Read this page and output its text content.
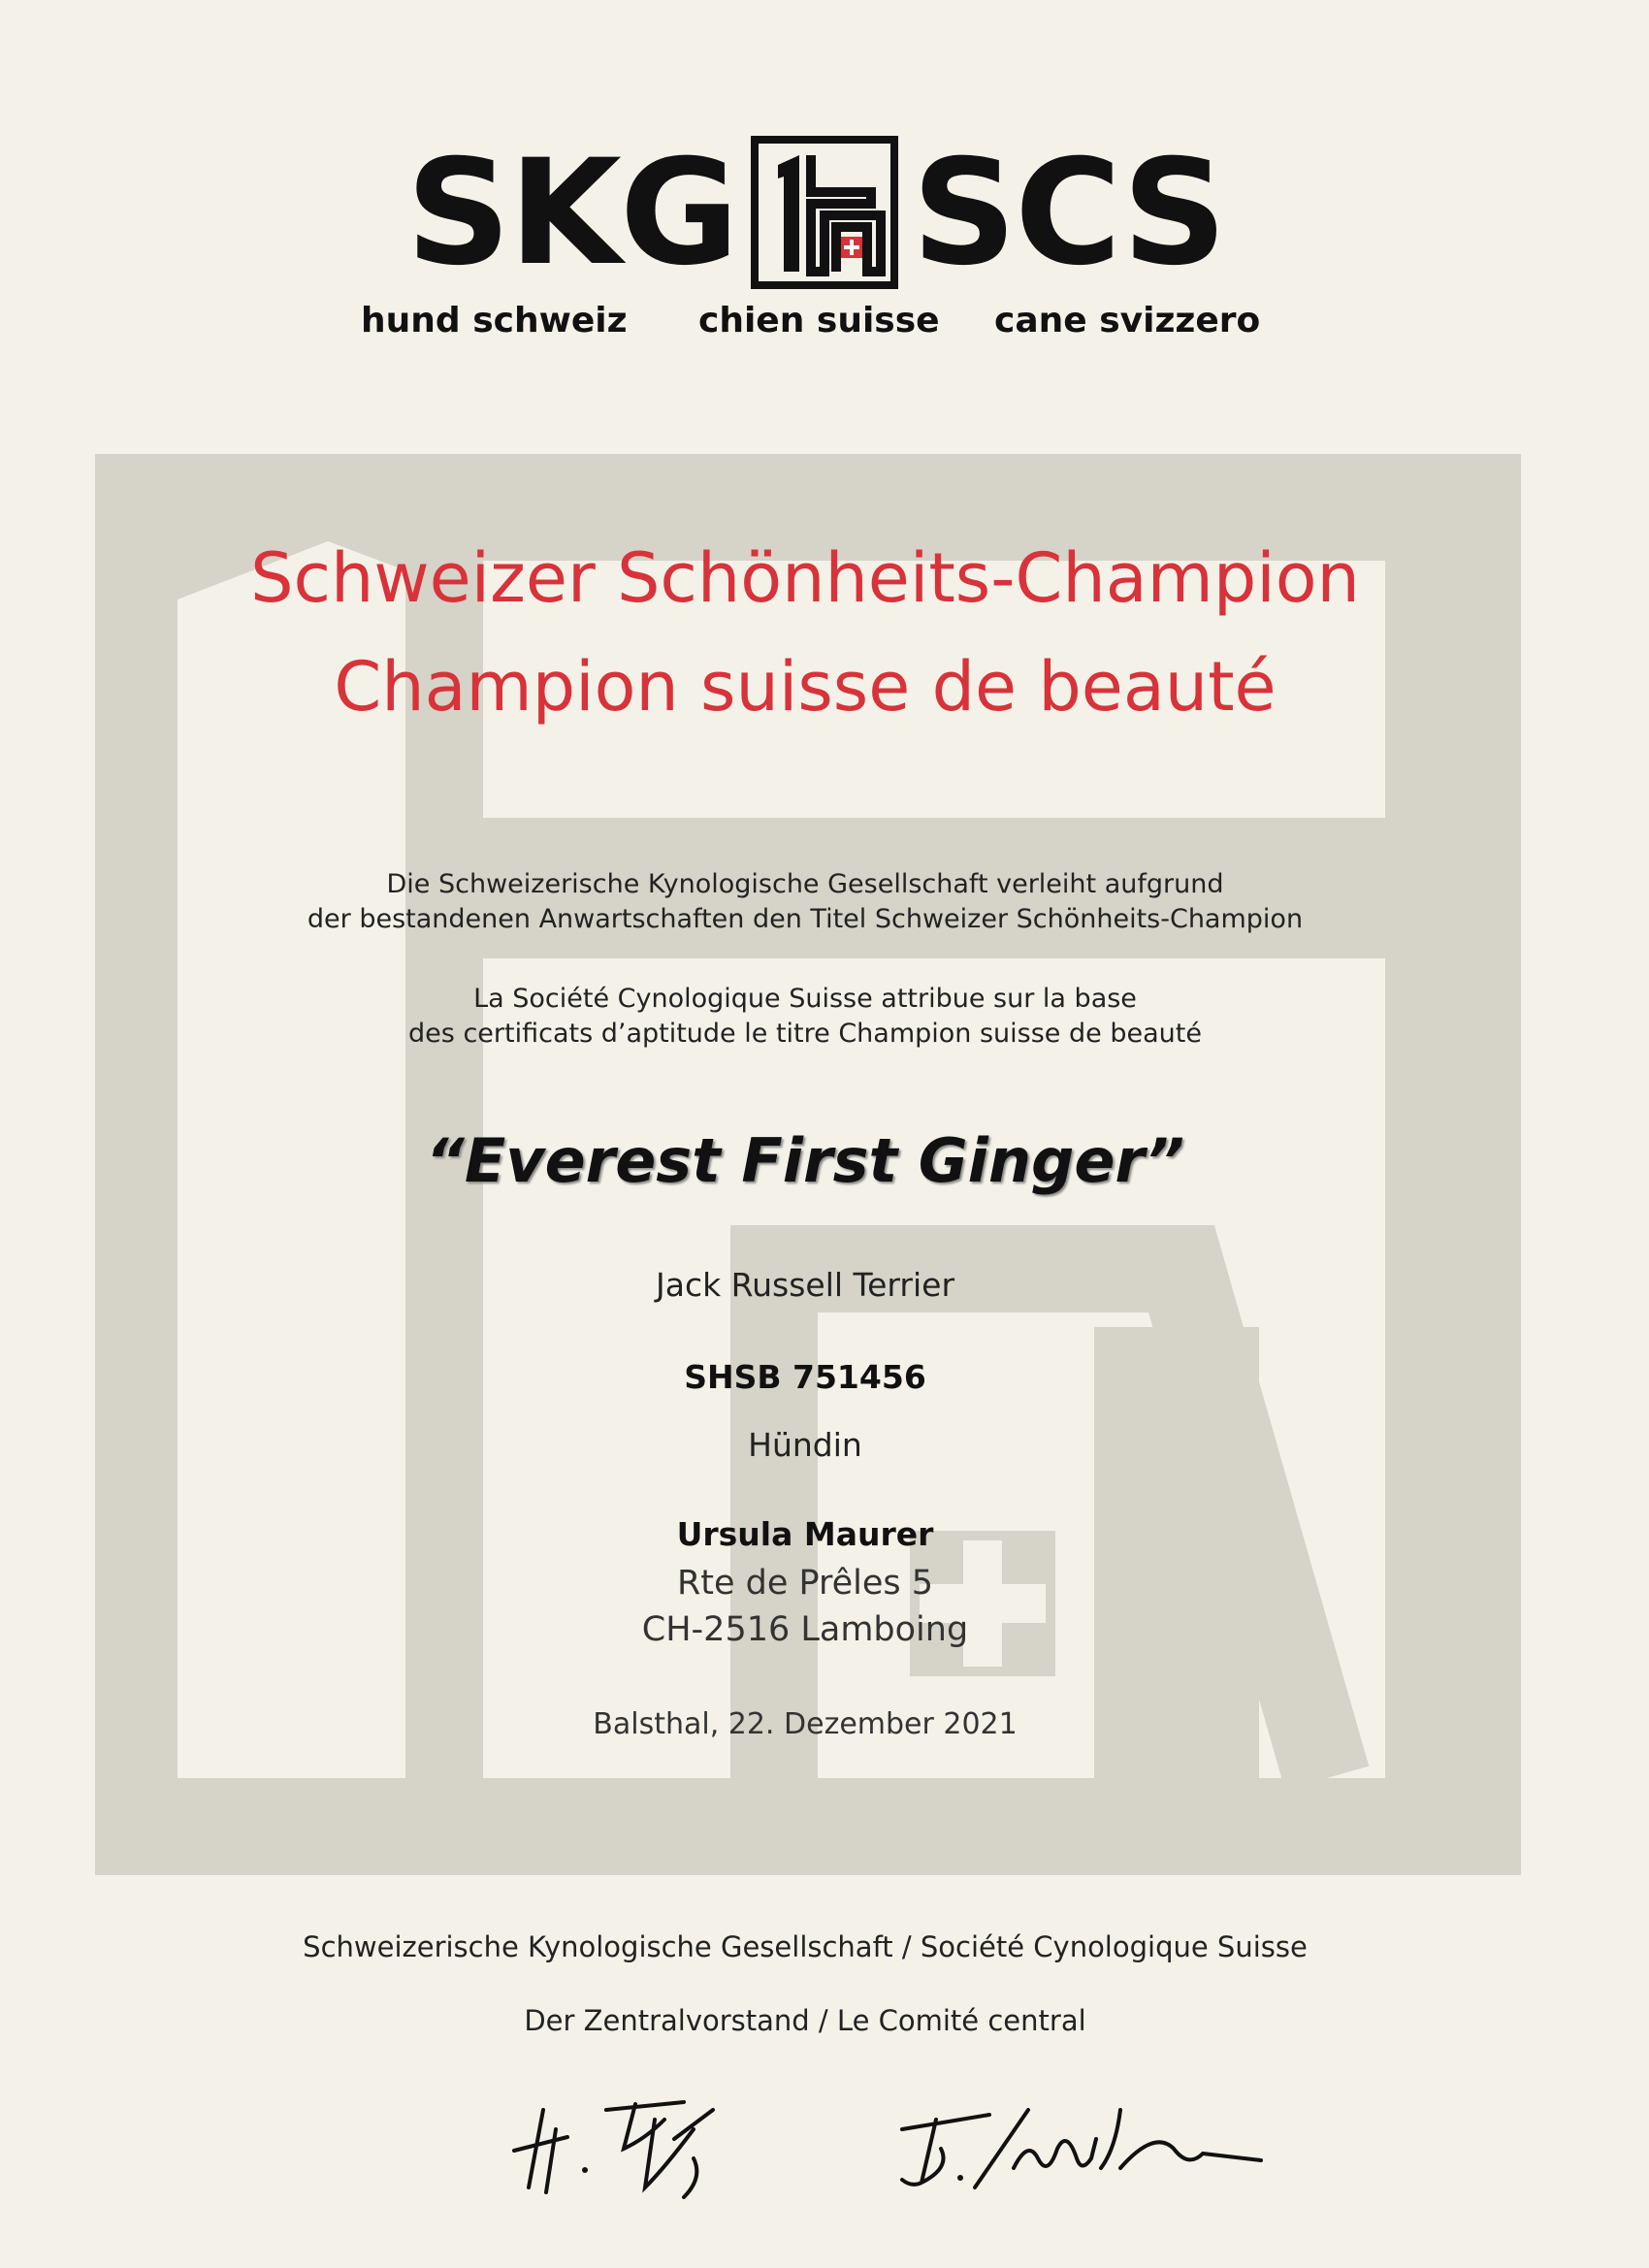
SKG SCS
hund schweiz chien suisse cane svizzero
Schweizer Schönheits-Champion
Champion suisse de beauté
Die Schweizerische Kynologische Gesellschaft verleiht aufgrund
der bestandenen Anwartschaften den Titel Schweizer Schönheits-Champion
La Société Cynologique Suisse attribue sur la base
des certificats d’aptitude le titre Champion suisse de beauté
“Everest First Ginger”
Jack Russell Terrier
SHSB 751456
Hündin
Ursula Maurer
Rte de Prêles 5
CH-2516 Lamboing
Balsthal, 22. Dezember 2021
Schweizerische Kynologische Gesellschaft / Société Cynologique Suisse
Der Zentralvorstand / Le Comité central
